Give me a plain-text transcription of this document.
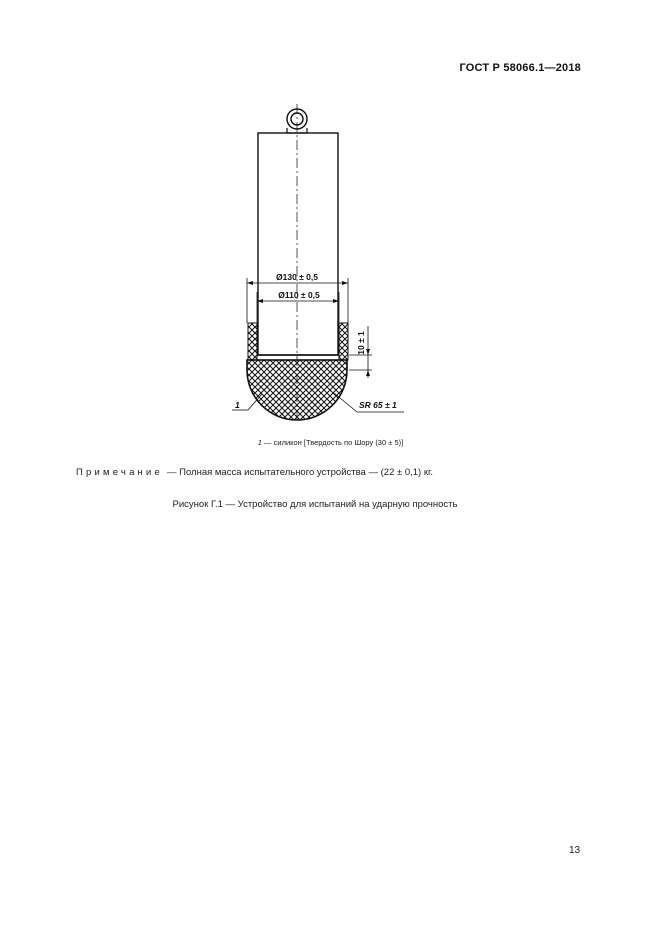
ГОСТ Р 58066.1—2018
Ø130 ± 0,5
Ø110 ± 0,5
10 ± 1
SR 65 ± 1
1
1 — силикон [Твердость по Шору (30 ± 5)]
Примечание — Полная масса испытательного устройства — (22 ± 0,1) кг.
Рисунок Г.1 — Устройство для испытаний на ударную прочность
13
